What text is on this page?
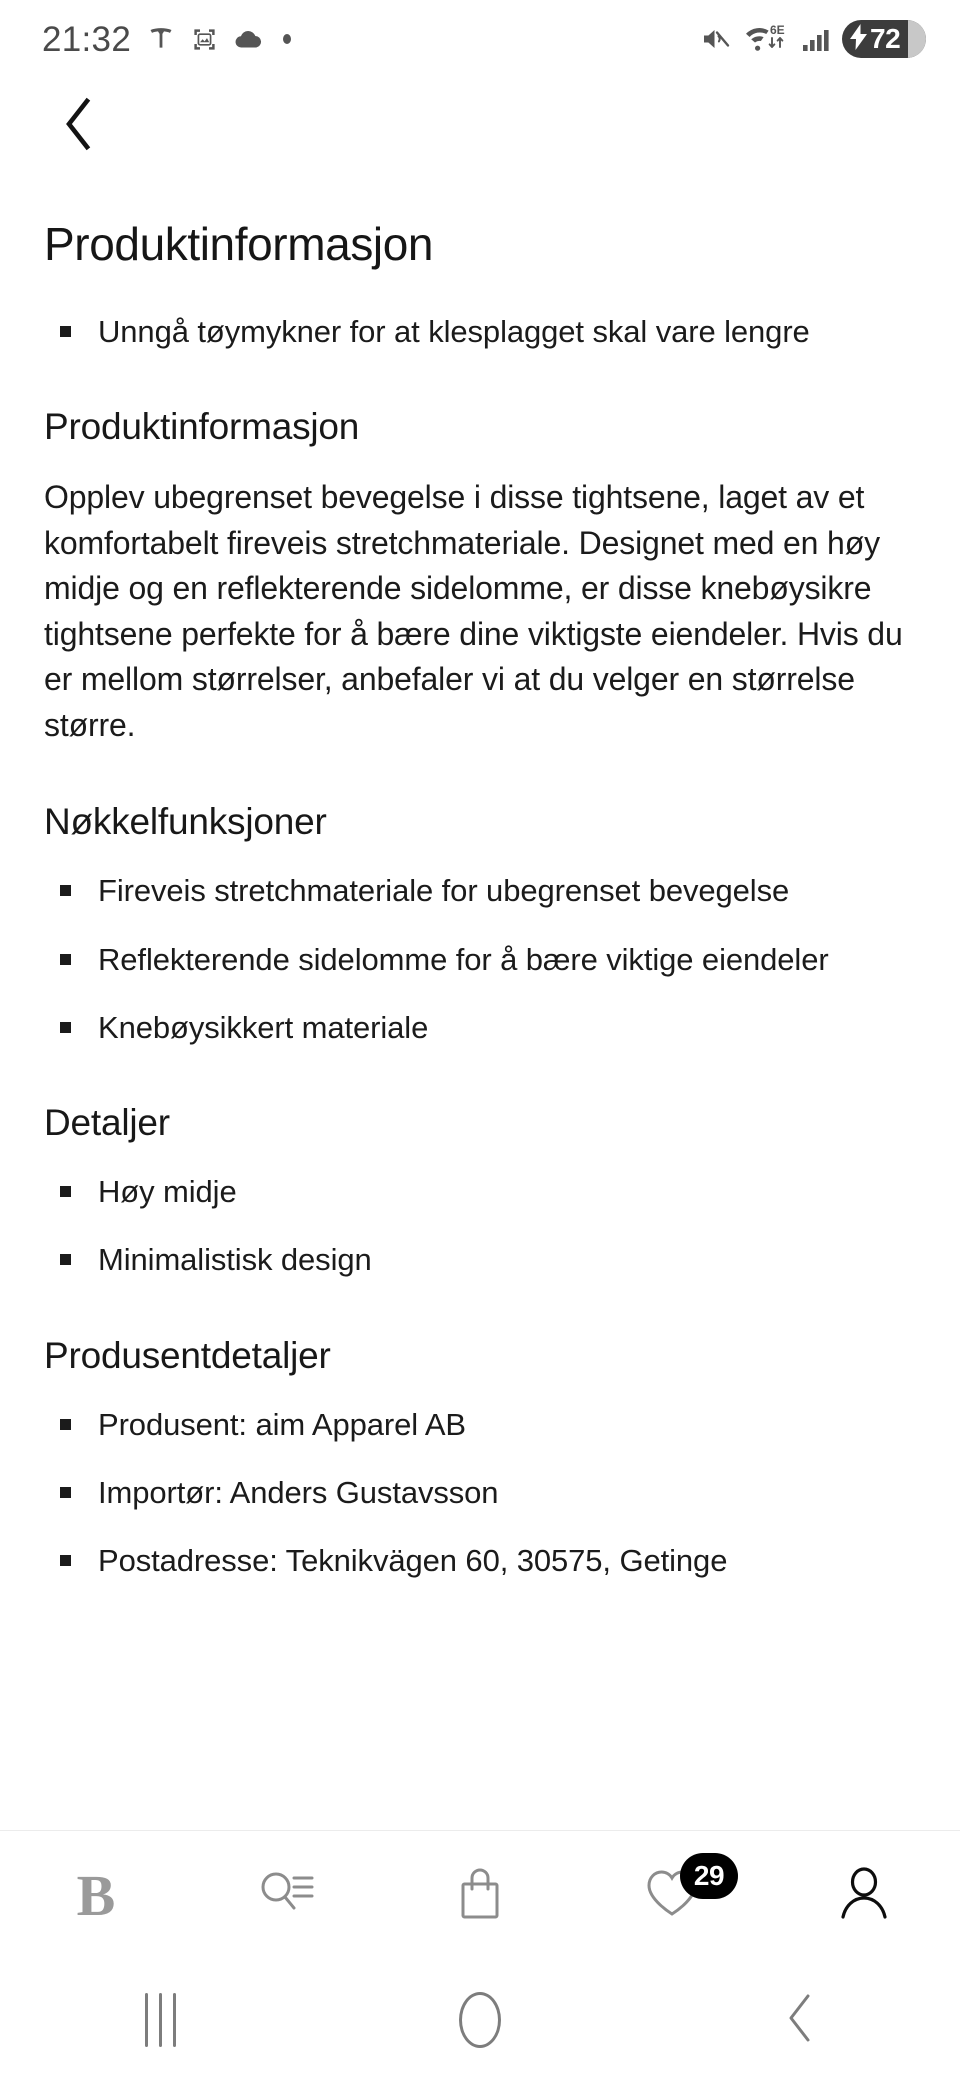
21:32	6E	72
Produktinformasjon
Unngå tøymykner for at klesplagget skal vare lengre
Produktinformasjon

Opplev ubegrenset bevegelse i disse tightsene, laget av et komfortabelt fireveis stretchmateriale. Designet med en høy midje og en reflekterende sidelomme, er disse knebøysikre tightsene perfekte for å bære dine viktigste eiendeler. Hvis du er mellom størrelser, anbefaler vi at du velger en størrelse større.

Nøkkelfunksjoner
Fireveis stretchmateriale for ubegrenset bevegelse
Reflekterende sidelomme for å bære viktige eiendeler
Knebøysikkert materiale
Detaljer
Høy midje
Minimalistisk design
Produsentdetaljer
Produsent: aim Apparel AB
Importør: Anders Gustavsson
Postadresse: Teknikvägen 60, 30575, Getinge
B	29
